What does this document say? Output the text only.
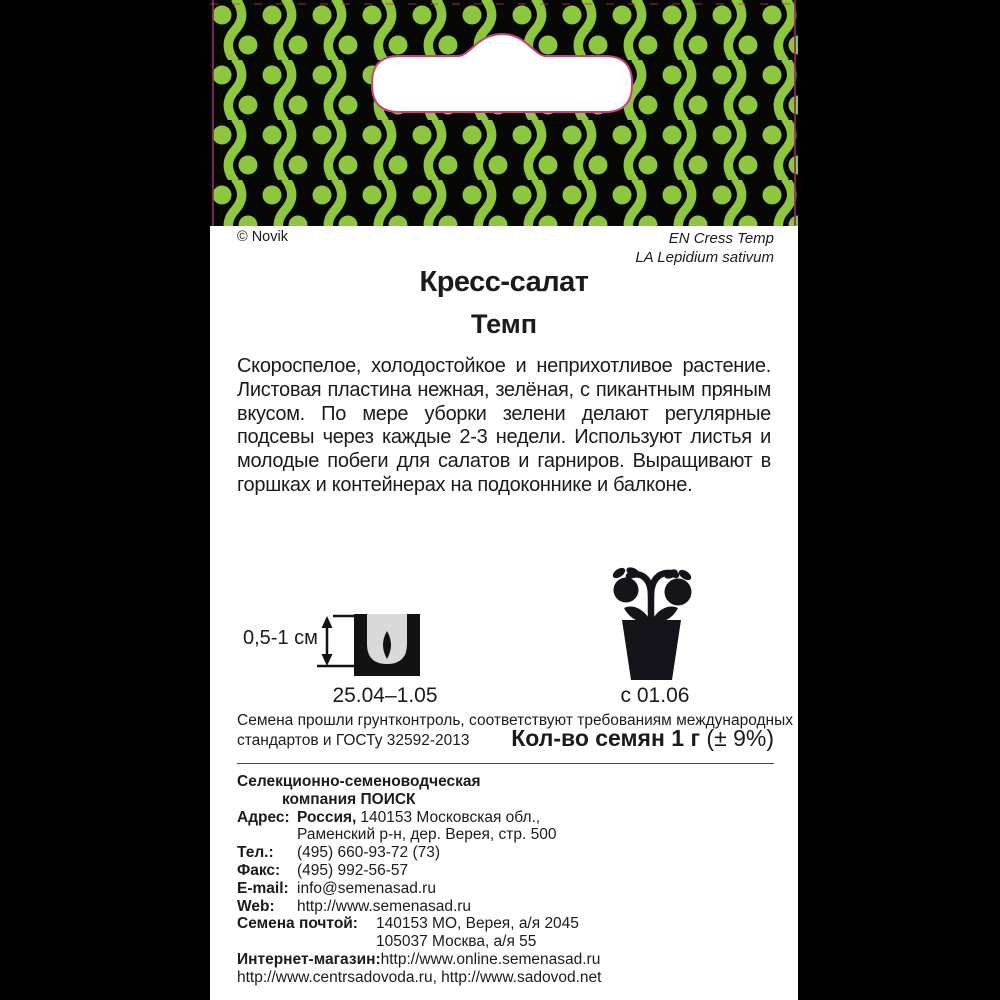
© Novik	EN Cress Temp
LA Lepidium sativum
Кресс-салат
Темп

Скороспелое, холодостойкое и неприхотливое растение. Листовая пластина нежная, зелёная, с пикантным пряным вкусом. По мере уборки зелени делают регулярные подсевы через каждые 2-3 недели. Используют листья и молодые побеги для салатов и гарниров. Выращивают в горшках и контейнерах на подоконнике и балконе.

0,5-1 см
25.04–1.05	с 01.06
Семена прошли грунтконтроль, соответствуют требованиям международных
стандартов и ГОСТу 32592-2013 Кол-во семян 1 г (± 9%)
Селекционно-семеноводческая
компания ПОИСК
Адрес: Россия, 140153 Московская обл.,
Раменский р-н, дер. Верея, стр. 500
Тел.:	(495) 660-93-72 (73)
Факс:	(495) 992-56-57
E-mail: info@semenasad.ru
Web:	http://www.semenasad.ru
Семена почтой:	140153 МО, Верея, а/я 2045
105037 Москва, а/я 55
Интернет-магазин: http://www.online.semenasad.ru
http://www.centrsadovoda.ru, http://www.sadovod.net
